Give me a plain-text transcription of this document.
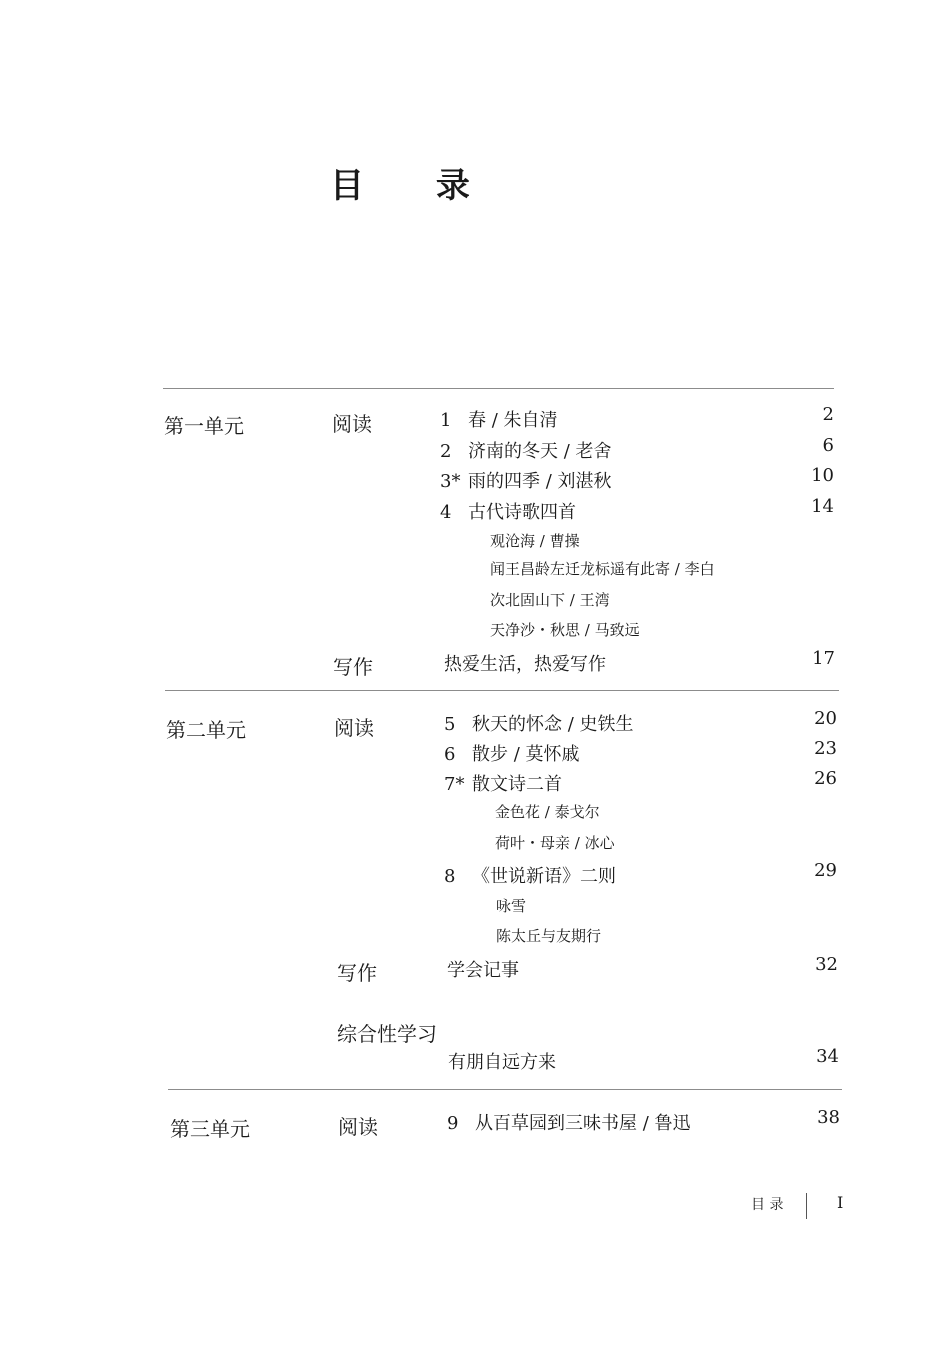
目 录
第一单元	阅读	1 春 / 朱自清	2
2 济南的冬天 / 老舍	6
3* 雨的四季 / 刘湛秋	10
4 古代诗歌四首	14
观沧海 / 曹操
闻王昌龄左迁龙标遥有此寄 / 李白
次北固山下 / 王湾
天净沙・秋思 / 马致远
写作	热爱生活，热爱写作	17
第二单元	阅读	5 秋天的怀念 / 史铁生	20
6 散步 / 莫怀戚	23
7* 散文诗二首	26
金色花 / 泰戈尔
荷叶・母亲 / 冰心
8 《世说新语》二则	29
咏雪
陈太丘与友期行
写作	学会记事	32
综合性学习
有朋自远方来	34
第三单元	阅读	9 从百草园到三味书屋 / 鲁迅	38
目 录	I
